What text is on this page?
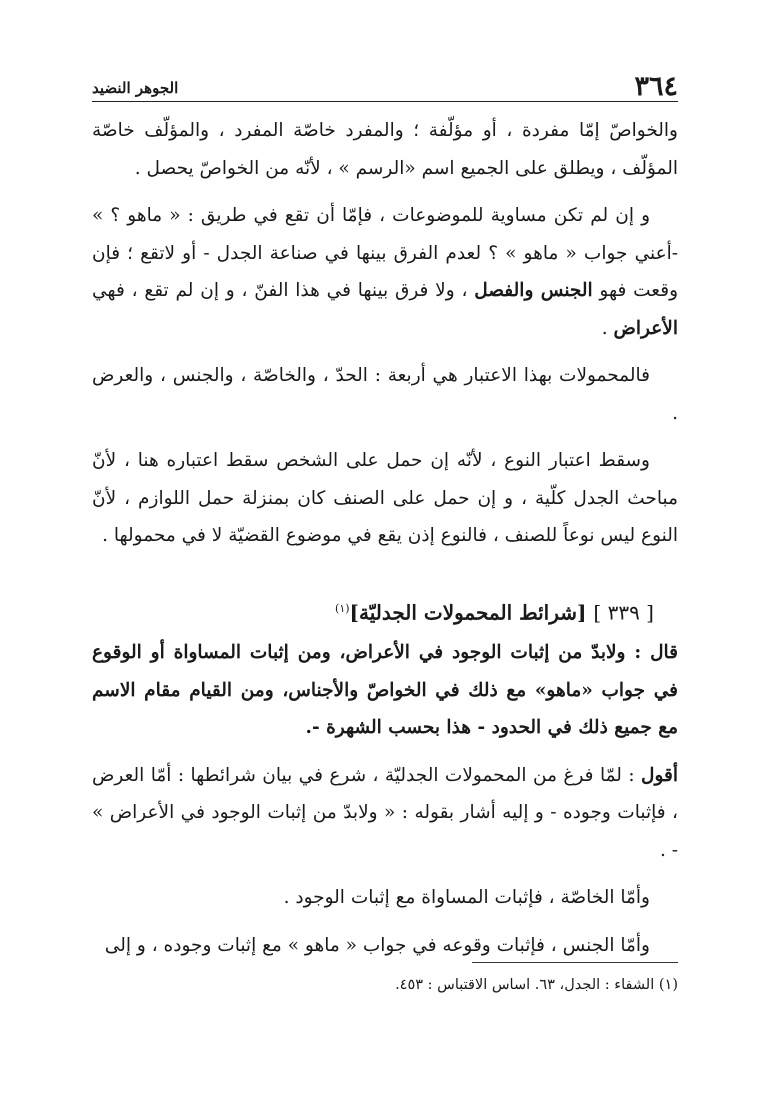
٣٦٤
الجوهر النضيد

والخواصّ إمّا مفردة ، أو مؤلّفة ؛ والمفرد خاصّة المفرد ، والمؤلّف خاصّة المؤلّف ، ويطلق على الجميع اسم «الرسم » ، لأنّه من الخواصّ يحصل .

و إن لم تكن مساوية للموضوعات ، فإمّا أن تقع في طريق : « ماهو ؟ » -أعني جواب « ماهو » ؟ لعدم الفرق بينها في صناعة الجدل - أو لاتقع ؛ فإن وقعت فهو الجنس والفصل ، ولا فرق بينها في هذا الفنّ ، و إن لم تقع ، فهي الأعراض .

فالمحمولات بهذا الاعتبار هي أربعة : الحدّ ، والخاصّة ، والجنس ، والعرض .

وسقط اعتبار النوع ، لأنّه إن حمل على الشخص سقط اعتباره هنا ، لأنّ مباحث الجدل كلّية ، و إن حمل على الصنف كان بمنزلة حمل اللوازم ، لأنّ النوع ليس نوعاً للصنف ، فالنوع إذن يقع في موضوع القضيّة لا في محمولها .

[ ٣٣٩ ] [شرائط المحمولات الجدليّة]$^{(١)}$

قال : ولابدّ من إثبات الوجود في الأعراض، ومن إثبات المساواة أو الوقوع في جواب «ماهو» مع ذلك في الخواصّ والأجناس، ومن القيام مقام الاسم مع جميع ذلك في الحدود - هذا بحسب الشهرة -.

أقول : لمّا فرغ من المحمولات الجدليّة ، شرع في بيان شرائطها : أمّا العرض ، فإثبات وجوده - و إليه أشار بقوله : « ولابدّ من إثبات الوجود في الأعراض » - .

وأمّا الخاصّة ، فإثبات المساواة مع إثبات الوجود .

وأمّا الجنس ، فإثبات وقوعه في جواب « ماهو » مع إثبات وجوده ، و إلى

(١) الشفاء : الجدل، ٦٣. اساس الاقتباس : ٤٥٣.
